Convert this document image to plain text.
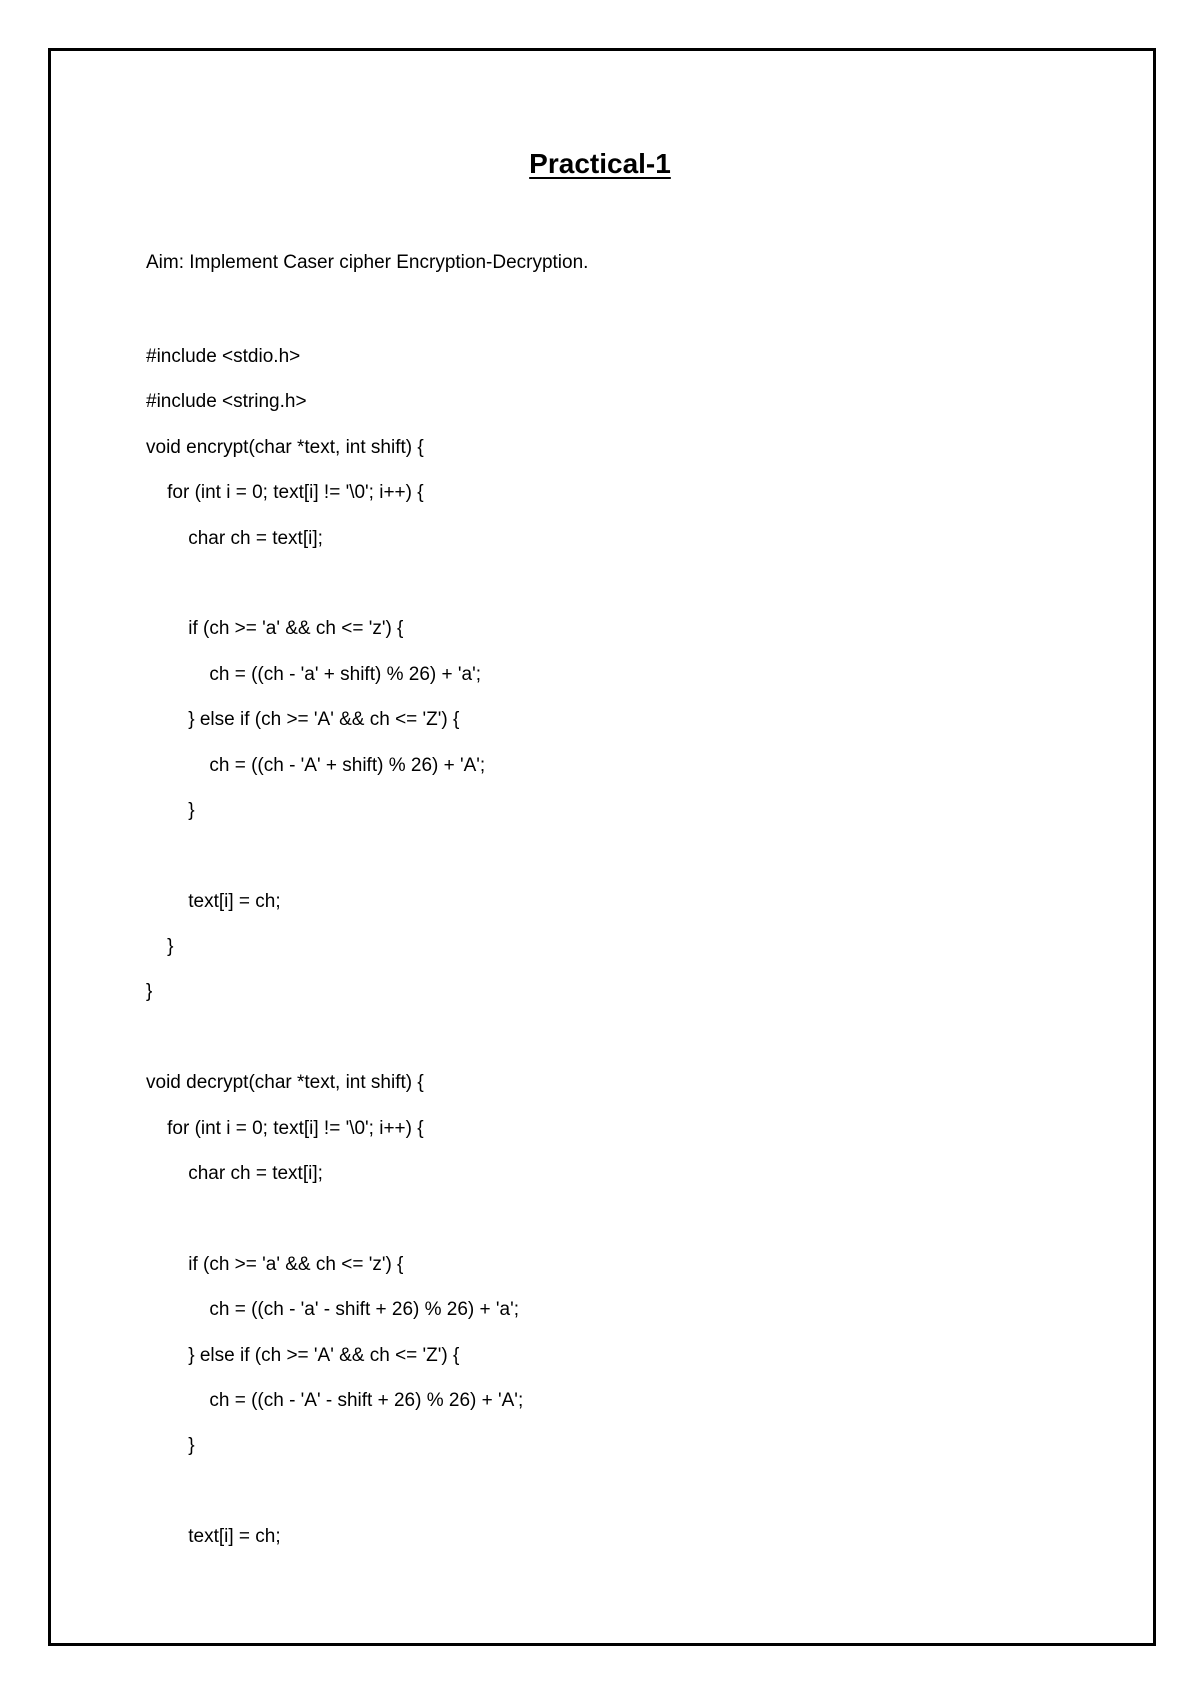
Practical-1
Aim: Implement Caser cipher Encryption-Decryption.
#include <stdio.h>
#include <string.h>
void encrypt(char *text, int shift) {
for (int i = 0; text[i] != '\0'; i++) {
char ch = text[i];
if (ch >= 'a' && ch <= 'z') {
ch = ((ch - 'a' + shift) % 26) + 'a';
} else if (ch >= 'A' && ch <= 'Z') {
ch = ((ch - 'A' + shift) % 26) + 'A';
}
text[i] = ch;
}
}
void decrypt(char *text, int shift) {
for (int i = 0; text[i] != '\0'; i++) {
char ch = text[i];
if (ch >= 'a' && ch <= 'z') {
ch = ((ch - 'a' - shift + 26) % 26) + 'a';
} else if (ch >= 'A' && ch <= 'Z') {
ch = ((ch - 'A' - shift + 26) % 26) + 'A';
}
text[i] = ch;
